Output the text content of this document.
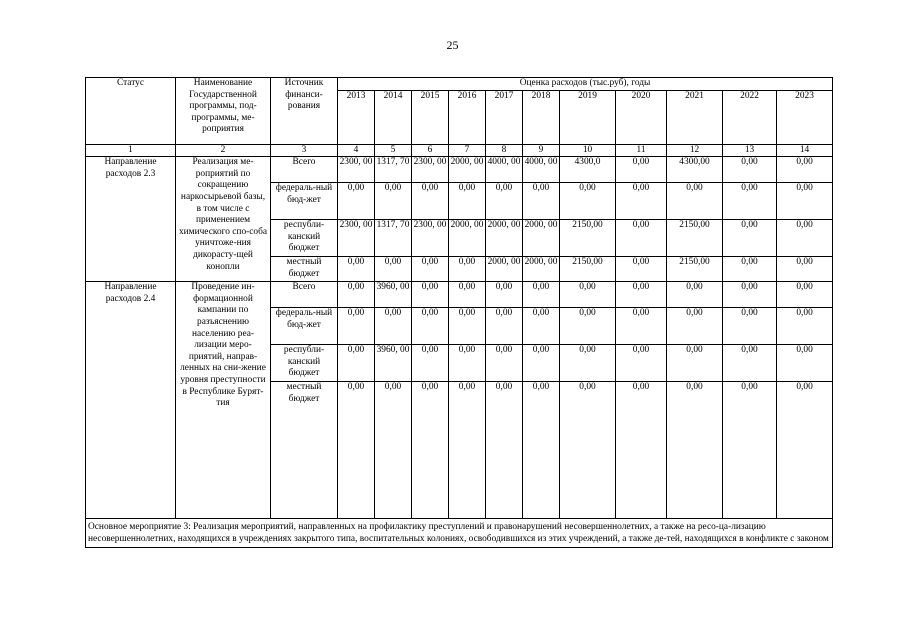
25
Статус	Наименование Государственной программы, под-программы, ме-роприятия	Источник финанси-рования	Оценка расходов (тыс.руб), годы										
			2013	2014	2015	2016	2017	2018	2019	2020	2021	2022	2023
1	2	3	4	5	6	7	8	9	10	11	12	13	14
Направление расходов 2.3	Реализация ме-роприятий по сокращению наркосырьевой базы, в том числе с применением химического спо-соба уничтоже-ния дикорасту-щей конопли	Всего	2300, 00	1317, 70	2300, 00	2000, 00	4000, 00	4000, 00	4300,0	0,00	4300,00	0,00	0,00
		федераль-ный бюд-жет	0,00	0,00	0,00	0,00	0,00	0,00	0,00	0,00	0,00	0,00	0,00
		республи-канский бюджет	2300, 00	1317, 70	2300, 00	2000, 00	2000, 00	2000, 00	2150,00	0,00	2150,00	0,00	0,00
		местный бюджет	0,00	0,00	0,00	0,00	2000, 00	2000, 00	2150,00	0,00	2150,00	0,00	0,00
Направление расходов 2.4	Проведение ин-формационной кампании по разъяснению населению реа-лизации меро-приятий, направ-ленных на сни-жение уровня преступности в Республике Бурят-тия	Всего	0,00	3960, 00	0,00	0,00	0,00	0,00	0,00	0,00	0,00	0,00	0,00
		федераль-ный бюд-жет	0,00	0,00	0,00	0,00	0,00	0,00	0,00	0,00	0,00	0,00	0,00
		республи-канский бюджет	0,00	3960, 00	0,00	0,00	0,00	0,00	0,00	0,00	0,00	0,00	0,00
		местный бюджет	0,00	0,00	0,00	0,00	0,00	0,00	0,00	0,00	0,00	0,00	0,00
Основное мероприятие 3: Реализация мероприятий, направленных на профилактику преступлений и правонарушений несовершеннолетних, а также на ресо-ца-лизацию несовершеннолетних, находящихся в учреждениях закрытого типа, воспитательных колониях, освободившихся из этих учреждений, а также де-тей, находящихся в конфликте с законом													
